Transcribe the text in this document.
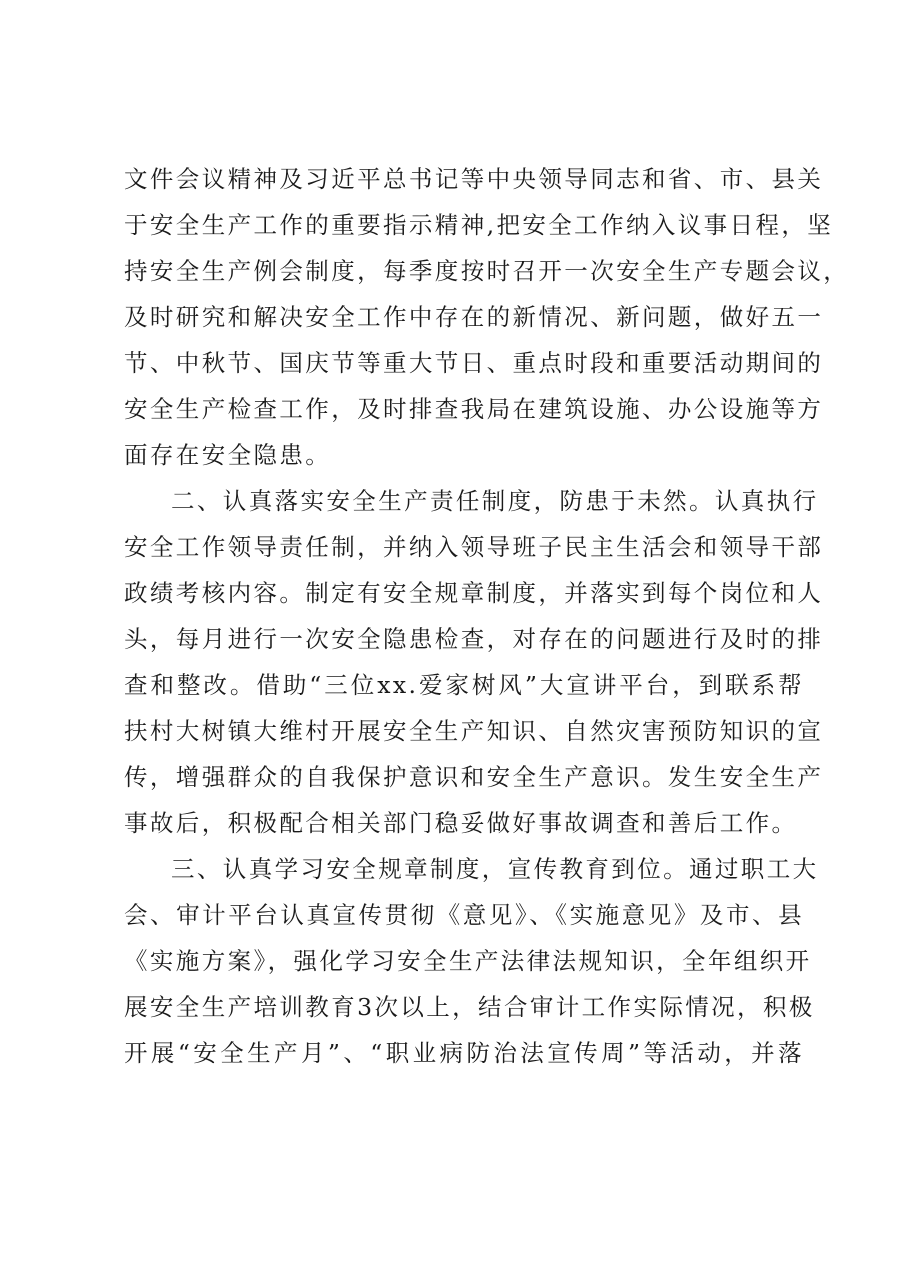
文件会议精神及习近平总书记等中央领导同志和省、市、县关
于安全生产工作的重要指示精神,把安全工作纳入议事日程，坚
持安全生产例会制度，每季度按时召开一次安全生产专题会议，
及时研究和解决安全工作中存在的新情况、新问题，做好五一
节、中秋节、国庆节等重大节日、重点时段和重要活动期间的
安全生产检查工作，及时排查我局在建筑设施、办公设施等方
面存在安全隐患。
二、认真落实安全生产责任制度，防患于未然。认真执行
安全工作领导责任制，并纳入领导班子民主生活会和领导干部
政绩考核内容。制定有安全规章制度，并落实到每个岗位和人
头，每月进行一次安全隐患检查，对存在的问题进行及时的排
查和整改。借助“三位xx.爱家树风”大宣讲平台，到联系帮
扶村大树镇大维村开展安全生产知识、自然灾害预防知识的宣
传，增强群众的自我保护意识和安全生产意识。发生安全生产
事故后，积极配合相关部门稳妥做好事故调查和善后工作。
三、认真学习安全规章制度，宣传教育到位。通过职工大
会、审计平台认真宣传贯彻《意见》、《实施意见》及市、县
《实施方案》，强化学习安全生产法律法规知识，全年组织开
展安全生产培训教育3次以上，结合审计工作实际情况，积极
开展“安全生产月”、“职业病防治法宣传周”等活动，并落
